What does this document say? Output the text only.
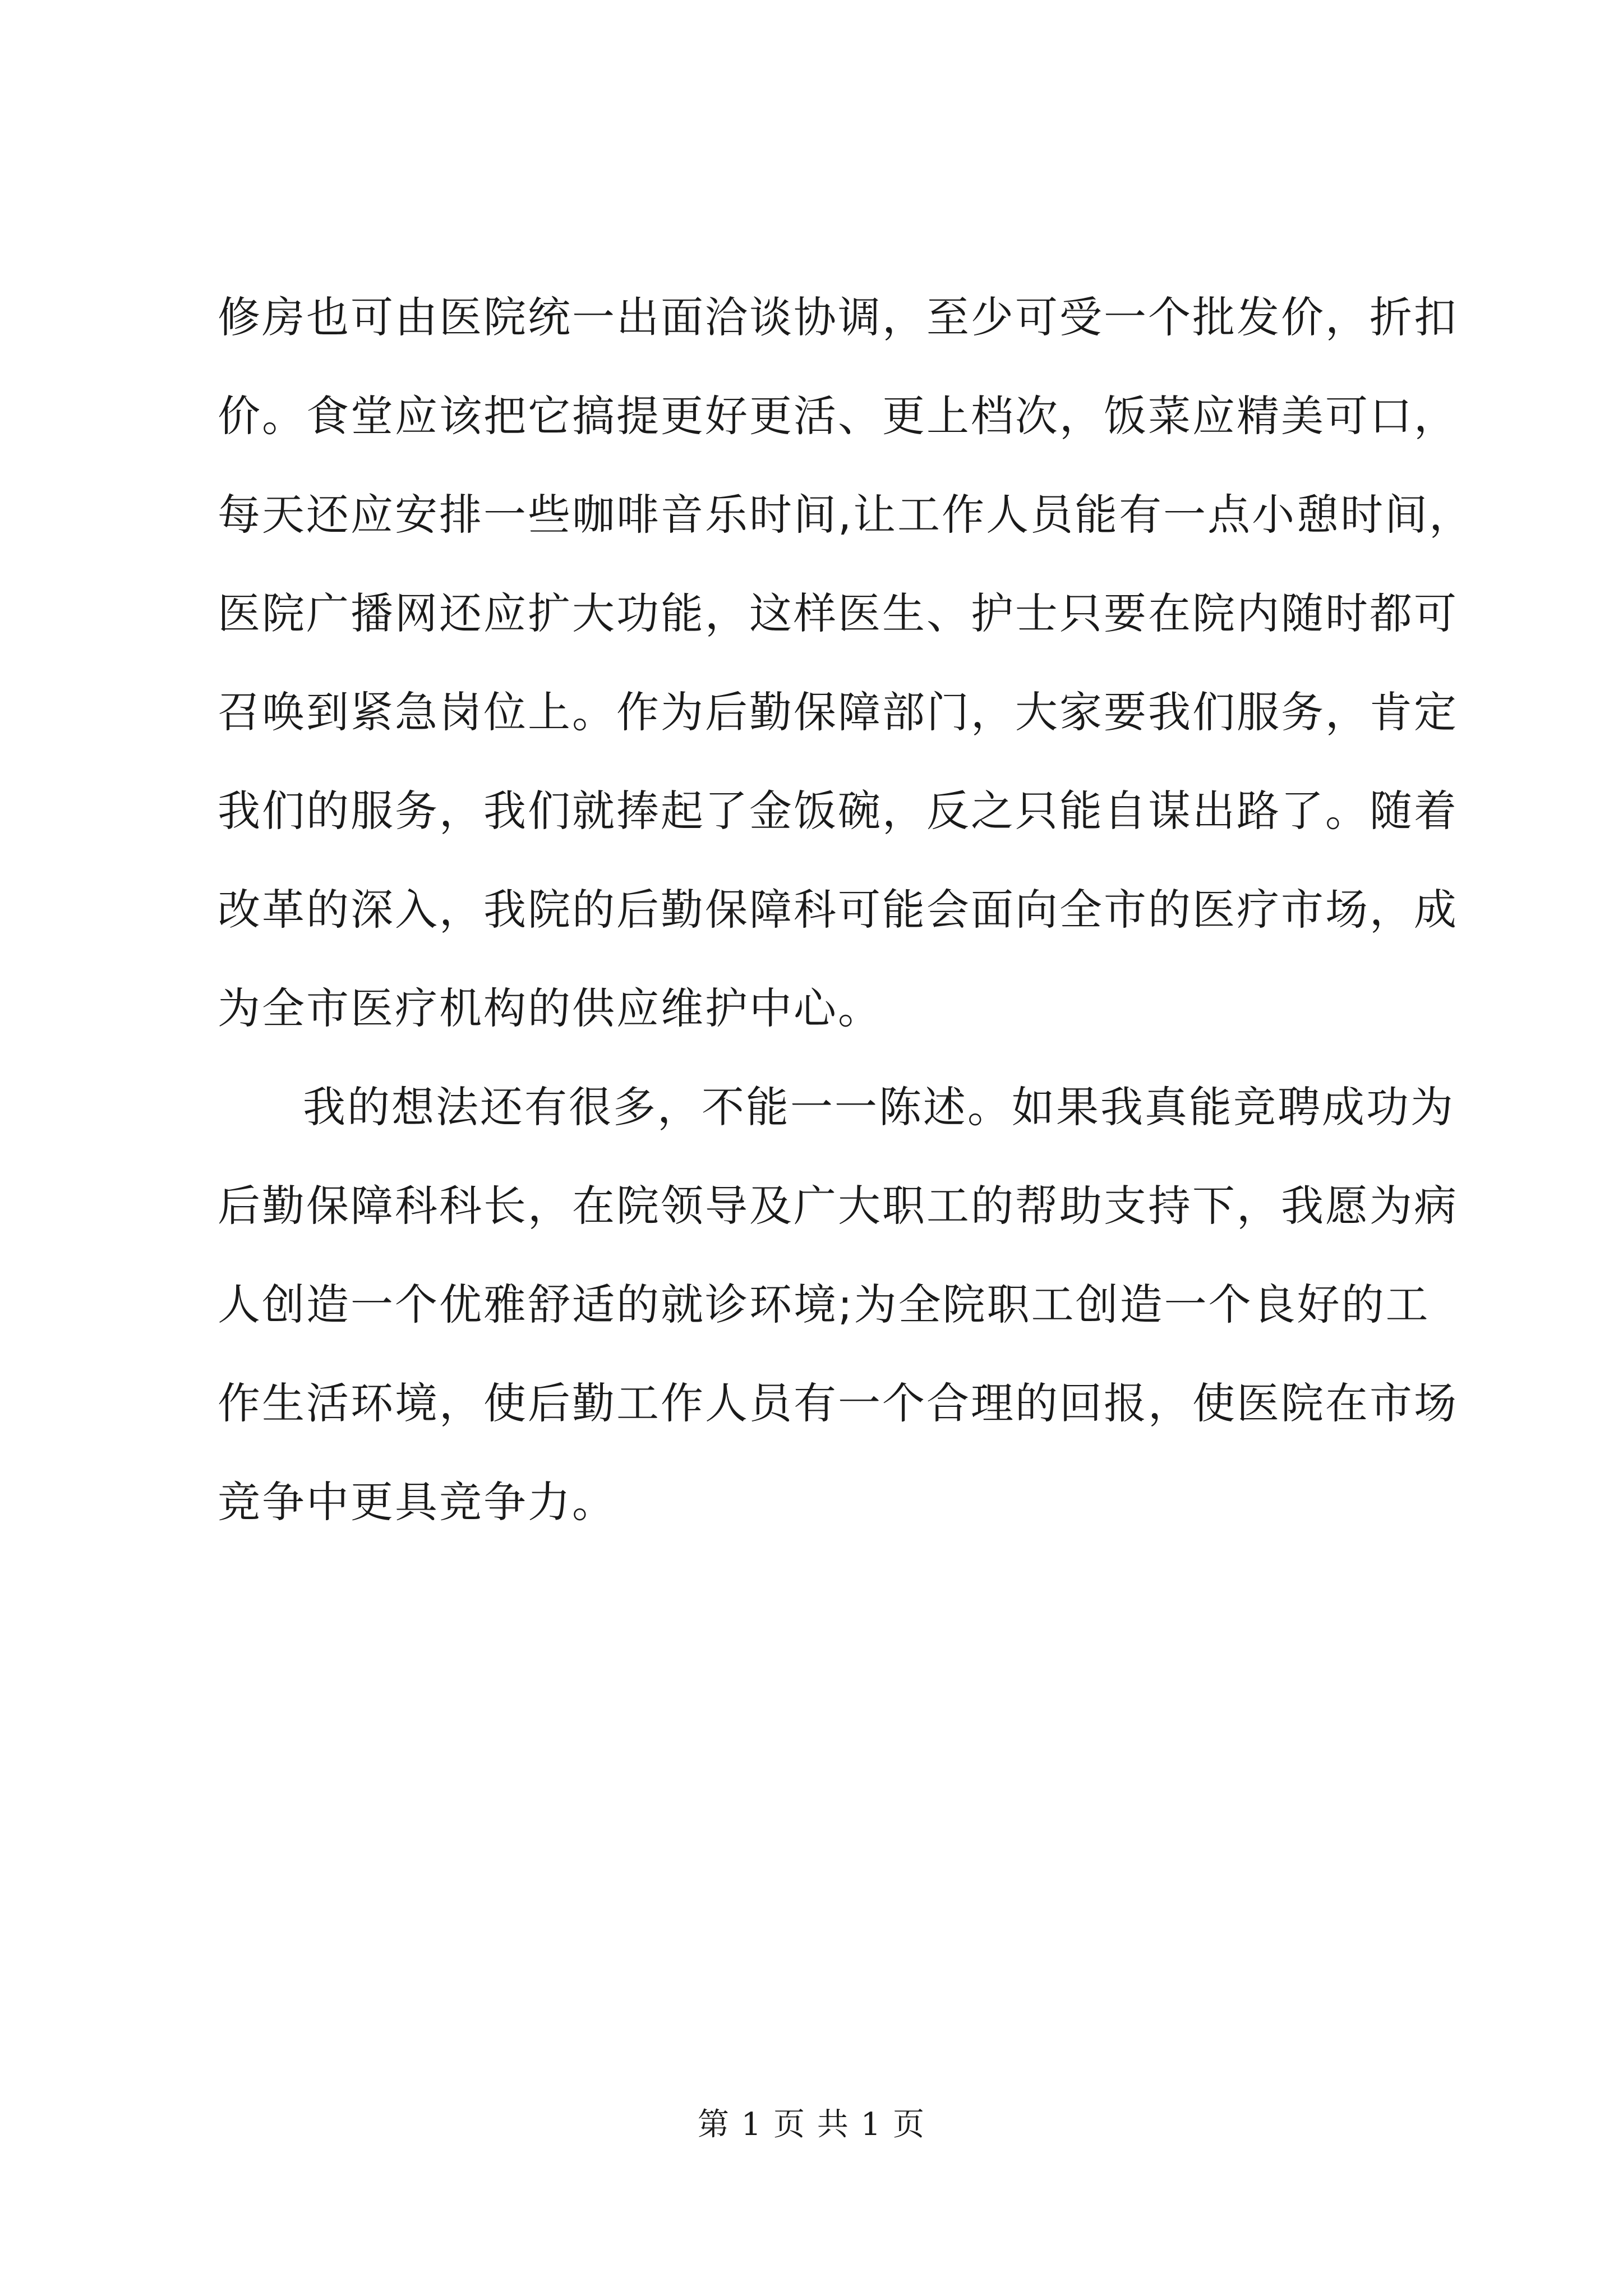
修房也可由医院统一出面洽谈协调，至少可受一个批发价，折扣
价。食堂应该把它搞提更好更活、更上档次，饭菜应精美可口，
每天还应安排一些咖啡音乐时间,让工作人员能有一点小憩时间，
医院广播网还应扩大功能，这样医生、护士只要在院内随时都可
召唤到紧急岗位上。作为后勤保障部门，大家要我们服务，肯定
我们的服务，我们就捧起了金饭碗，反之只能自谋出路了。随着
改革的深入，我院的后勤保障科可能会面向全市的医疗市场，成
为全市医疗机构的供应维护中心。
我的想法还有很多，不能一一陈述。如果我真能竞聘成功为
后勤保障科科长，在院领导及广大职工的帮助支持下，我愿为病
人创造一个优雅舒适的就诊环境;为全院职工创造一个良好的工
作生活环境，使后勤工作人员有一个合理的回报，使医院在市场
竞争中更具竞争力。
第 1 页 共 1 页
